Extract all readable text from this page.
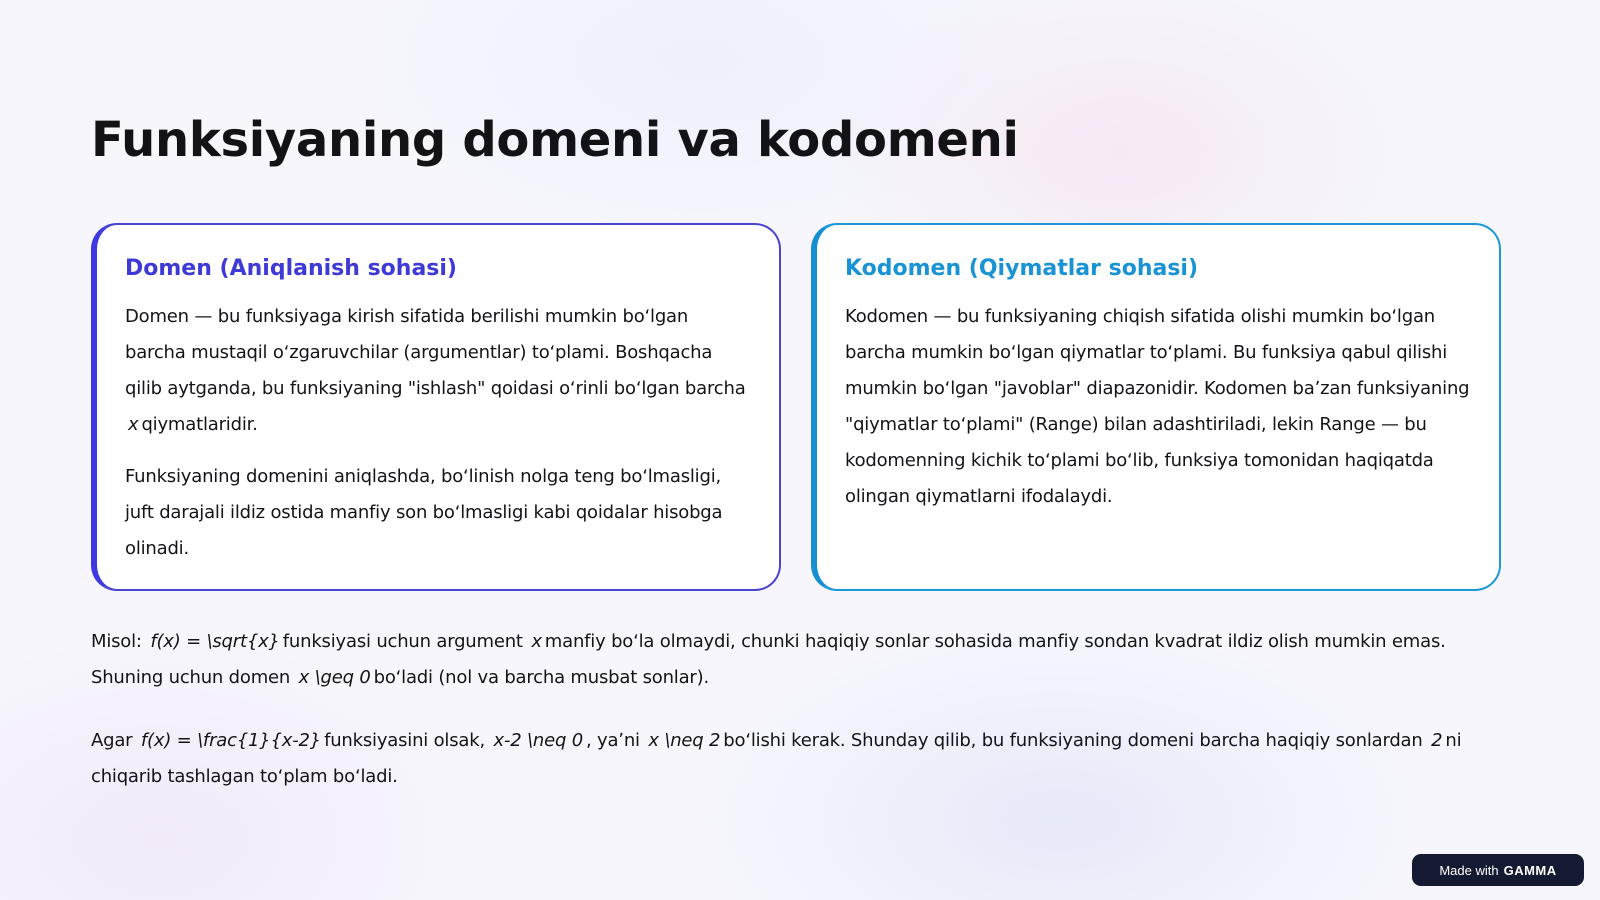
Funksiyaning domeni va kodomeni
Domen (Aniqlanish sohasi)

Domen — bu funksiyaga kirish sifatida berilishi mumkin boʻlgan barcha mustaqil oʻzgaruvchilar (argumentlar) toʻplami. Boshqacha qilib aytganda, bu funksiyaning "ishlash" qoidasi oʻrinli boʻlgan barcha x qiymatlaridir.

Funksiyaning domenini aniqlashda, boʻlinish nolga teng boʻlmasligi, juft darajali ildiz ostida manfiy son boʻlmasligi kabi qoidalar hisobga olinadi.

Kodomen (Qiymatlar sohasi)

Kodomen — bu funksiyaning chiqish sifatida olishi mumkin boʻlgan barcha mumkin boʻlgan qiymatlar toʻplami. Bu funksiya qabul qilishi mumkin boʻlgan "javoblar" diapazonidir. Kodomen baʼzan funksiyaning "qiymatlar toʻplami" (Range) bilan adashtiriladi, lekin Range — bu kodomenning kichik toʻplami boʻlib, funksiya tomonidan haqiqatda olingan qiymatlarni ifodalaydi.

Misol: f(x) = \sqrt{x} funksiyasi uchun argument x manfiy boʻla olmaydi, chunki haqiqiy sonlar sohasida manfiy sondan kvadrat ildiz olish mumkin emas. Shuning uchun domen x \geq 0 boʻladi (nol va barcha musbat sonlar).

Agar f(x) = \frac{1}{x-2} funksiyasini olsak, x-2 \neq 0 , yaʼni x \neq 2 boʻlishi kerak. Shunday qilib, bu funksiyaning domeni barcha haqiqiy sonlardan 2 ni chiqarib tashlagan toʻplam boʻladi.

Made with GAMMA
